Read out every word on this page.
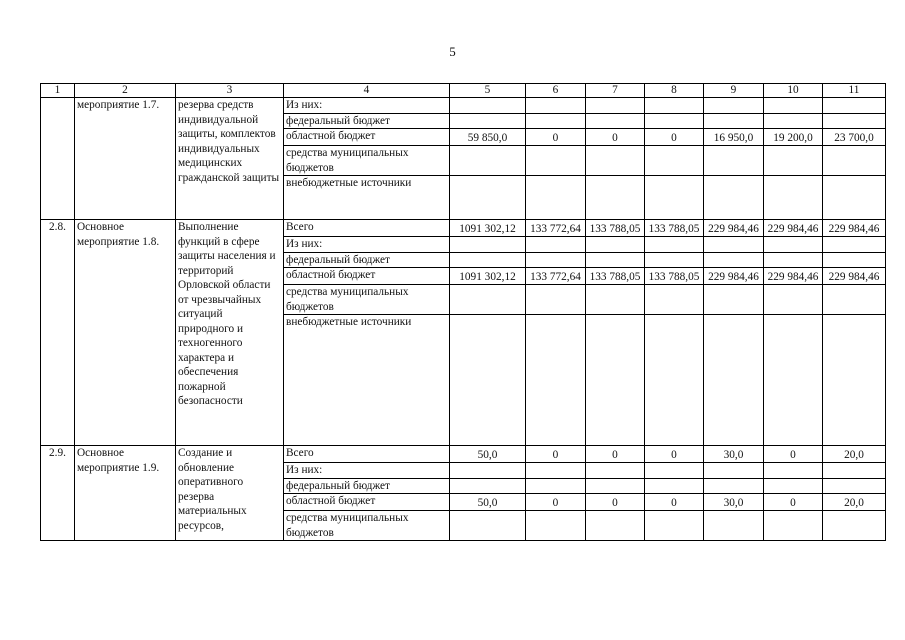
5
1	2	3	4	5	6	7	8	9	10	11
	мероприятие 1.7.	резерва средств индивидуальной защиты, комплектов индивидуальных медицинских гражданской защиты	Из них:							
			федеральный бюджет							
			областной бюджет	59 850,0	0	0	0	16 950,0	19 200,0	23 700,0
			средства муниципальных бюджетов							
			внебюджетные источники							
2.8.	Основное мероприятие 1.8.	Выполнение функций в сфере защиты населения и территорий Орловской области от чрезвычайных ситуаций природного и техногенного характера и обеспечения пожарной безопасности	Всего	1091 302,12	133 772,64	133 788,05	133 788,05	229 984,46	229 984,46	229 984,46
			Из них:							
			федеральный бюджет							
			областной бюджет	1091 302,12	133 772,64	133 788,05	133 788,05	229 984,46	229 984,46	229 984,46
			средства муниципальных бюджетов							
			внебюджетные источники							
2.9.	Основное мероприятие 1.9.	Создание и обновление оперативного резерва материальных ресурсов,	Всего	50,0	0	0	0	30,0	0	20,0
			Из них:							
			федеральный бюджет							
			областной бюджет	50,0	0	0	0	30,0	0	20,0
			средства муниципальных бюджетов							
